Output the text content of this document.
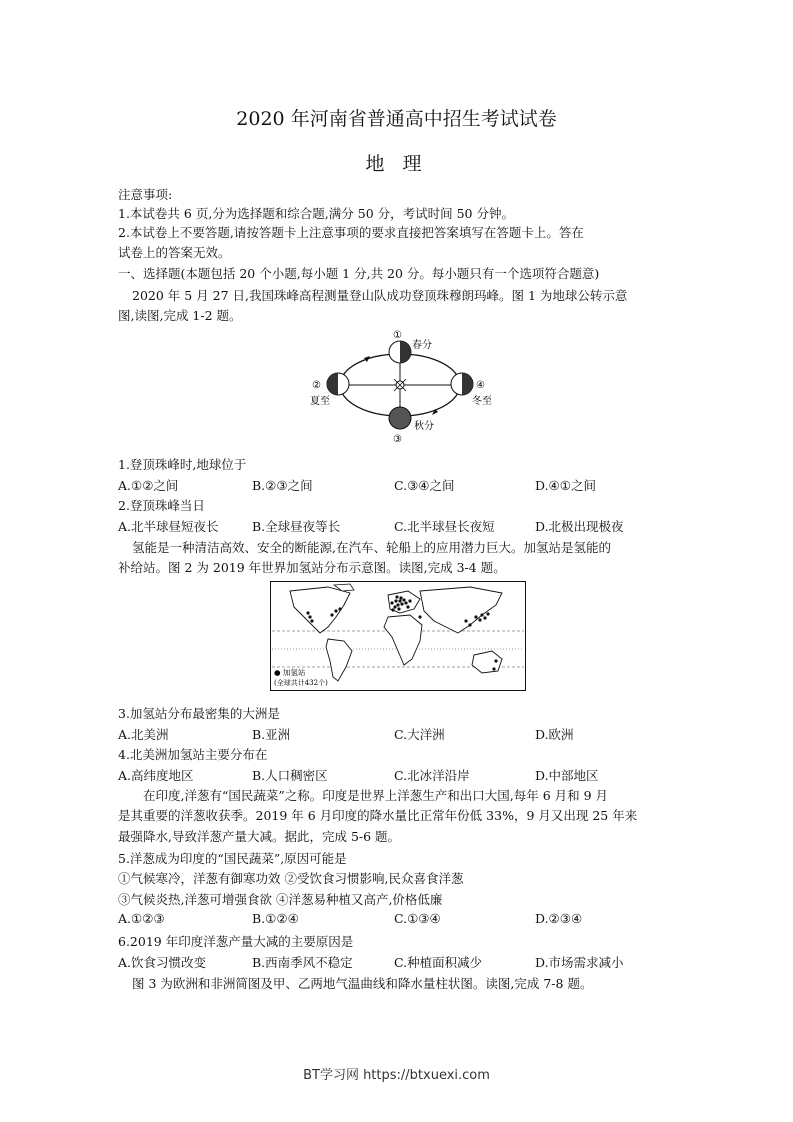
2020 年河南省普通高中招生考试试卷
地 理
注意事项:
1.本试卷共 6 页,分为选择题和综合题,满分 50 分，考试时间 50 分钟。
2.本试卷上不要答题,请按答题卡上注意事项的要求直接把答案填写在答题卡上。答在
试卷上的答案无效。
一、选择题(本题包括 20 个小题,每小题 1 分,共 20 分。每小题只有一个选项符合题意)
2020 年 5 月 27 日,我国珠峰高程测量登山队成功登顶珠穆朗玛峰。图 1 为地球公转示意
图,读图,完成 1-2 题。
①
春分
②
夏至
④
冬至
秋分
③
1.登顶珠峰时,地球位于
A.①②之间	B.②③之间	C.③④之间	D.④①之间
2.登顶珠峰当日
A.北半球昼短夜长	B.全球昼夜等长	C.北半球昼长夜短	D.北极出现极夜
氢能是一种清洁高效、安全的断能源,在汽车、轮船上的应用潜力巨大。加氢站是氢能的
补给站。图 2 为 2019 年世界加氢站分布示意图。读图,完成 3-4 题。
● 加氢站
(全球共计432个)
3.加氢站分布最密集的大洲是
A.北美洲	B.亚洲	C.大洋洲	D.欧洲
4.北美洲加氢站主要分布在
A.高纬度地区	B.人口稠密区	C.北冰洋沿岸	D.中部地区
在印度,洋葱有“国民蔬菜”之称。印度是世界上洋葱生产和出口大国,每年 6 月和 9 月
是其重要的洋葱收获季。2019 年 6 月印度的降水量比正常年份低 33%，9 月又出现 25 年来
最强降水,导致洋葱产量大减。据此，完成 5-6 题。
5.洋葱成为印度的“国民蔬菜”,原因可能是
①气候寒冷，洋葱有御寒功效 ②受饮食习惯影响,民众喜食洋葱
③气候炎热,洋葱可增强食欲 ④洋葱易种植又高产,价格低廉
A.①②③	B.①②④	C.①③④	D.②③④
6.2019 年印度洋葱产量大减的主要原因是
A.饮食习惯改变	B.西南季风不稳定	C.种植面积减少	D.市场需求减小
图 3 为欧洲和非洲简图及甲、乙两地气温曲线和降水量柱状图。读图,完成 7-8 题。
BT学习网 https://btxuexi.com
